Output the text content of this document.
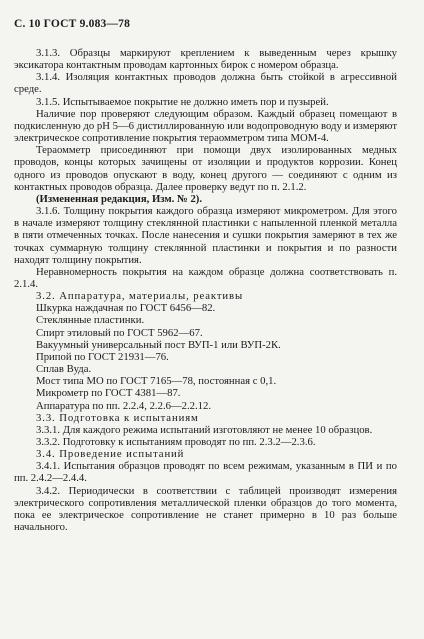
С. 10 ГОСТ 9.083—78

3.1.3. Образцы маркируют креплением к выведенным через крышку эксикатора контактным проводам картонных бирок с номером образца.

3.1.4. Изоляция контактных проводов должна быть стойкой в агрессивной среде.

3.1.5. Испытываемое покрытие не должно иметь пор и пузырей.

Наличие пор проверяют следующим образом. Каждый образец помещают в подкисленную до рН 5—6 дистиллированную или водопроводную воду и измеряют электрическое сопротивление покрытия тераомметром типа МОМ-4.

Тераомметр присоединяют при помощи двух изолированных медных проводов, концы которых зачищены от изоляции и продуктов коррозии. Конец одного из проводов опускают в воду, конец другого — соединяют с одним из контактных проводов образца. Далее проверку ведут по п. 2.1.2.

(Измененная редакция, Изм. № 2).

3.1.6. Толщину покрытия каждого образца измеряют микрометром. Для этого в начале измеряют толщину стеклянной пластинки с напыленной пленкой металла в пяти отмеченных точках. После нанесения и сушки покрытия замеряют в тех же точках суммарную толщину стеклянной пластинки и покрытия и по разности находят толщину покрытия.

Неравномерность покрытия на каждом образце должна соответствовать п. 2.1.4.

3.2. Аппаратура, материалы, реактивы

Шкурка наждачная по ГОСТ 6456—82.

Стеклянные пластинки.

Спирт этиловый по ГОСТ 5962—67.

Вакуумный универсальный пост ВУП-1 или ВУП-2К.

Припой по ГОСТ 21931—76.

Сплав Вуда.

Мост типа МО по ГОСТ 7165—78, постоянная с 0,1.

Микрометр по ГОСТ 4381—87.

Аппаратура по пп. 2.2.4, 2.2.6—2.2.12.

3.3. Подготовка к испытаниям

3.3.1. Для каждого режима испытаний изготовляют не менее 10 образцов.

3.3.2. Подготовку к испытаниям проводят по пп. 2.3.2—2.3.6.

3.4. Проведение испытаний

3.4.1. Испытания образцов проводят по всем режимам, указанным в ПИ и по пп. 2.4.2—2.4.4.

3.4.2. Периодически в соответствии с таблицей производят измерения электрического сопротивления металлической пленки образцов до того момента, пока ее электрическое сопротивление не станет примерно в 10 раз больше начального.
